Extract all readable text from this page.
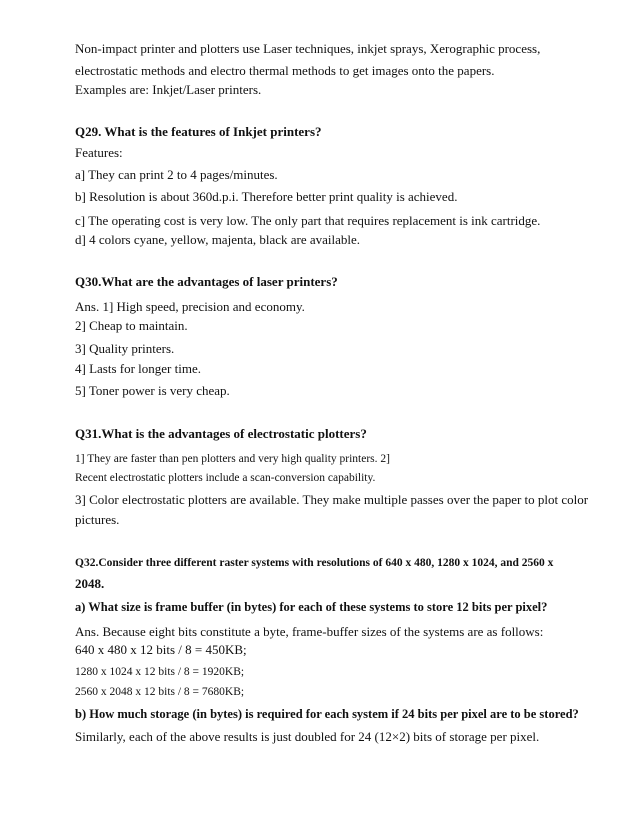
Non-impact printer and plotters use Laser techniques, inkjet sprays, Xerographic process,
electrostatic methods and electro thermal methods to get images onto the papers.
Examples are: Inkjet/Laser printers.
Q29. What is the features of Inkjet printers?
Features:
a] They can print 2 to 4 pages/minutes.
b] Resolution is about 360d.p.i. Therefore better print quality is achieved.
c] The operating cost is very low. The only part that requires replacement is ink cartridge.
d] 4 colors cyane, yellow, majenta, black are available.
Q30.What are the advantages of laser printers?
Ans. 1] High speed, precision and economy.
2] Cheap to maintain.
3] Quality printers.
4] Lasts for longer time.
5] Toner power is very cheap.
Q31.What is the advantages of electrostatic plotters?
1] They are faster than pen plotters and very high quality printers. 2]
Recent electrostatic plotters include a scan-conversion capability.
3] Color electrostatic plotters are available. They make multiple passes over the paper to plot color
pictures.
Q32.Consider three different raster systems with resolutions of 640 x 480, 1280 x 1024, and 2560 x
2048.
a) What size is frame buffer (in bytes) for each of these systems to store 12 bits per pixel?
Ans. Because eight bits constitute a byte, frame-buffer sizes of the systems are as follows:
640 x 480 x 12 bits / 8 = 450KB;
1280 x 1024 x 12 bits / 8 = 1920KB;
2560 x 2048 x 12 bits / 8 = 7680KB;
b) How much storage (in bytes) is required for each system if 24 bits per pixel are to be stored?
Similarly, each of the above results is just doubled for 24 (12×2) bits of storage per pixel.
